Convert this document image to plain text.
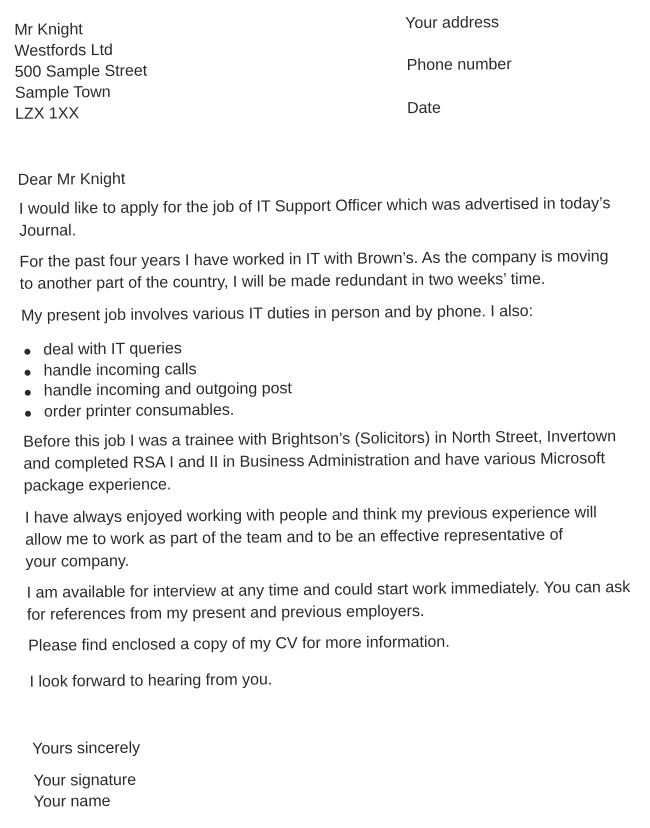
Mr Knight
Westfords Ltd
500 Sample Street
Sample Town
LZX 1XX
Your address
Phone number
Date
Dear Mr Knight
I would like to apply for the job of IT Support Officer which was advertised in today’s
Journal.
For the past four years I have worked in IT with Brown’s. As the company is moving
to another part of the country, I will be made redundant in two weeks’ time.
My present job involves various IT duties in person and by phone. I also:
deal with IT queries
handle incoming calls
handle incoming and outgoing post
order printer consumables.
Before this job I was a trainee with Brightson’s (Solicitors) in North Street, Invertown
and completed RSA I and II in Business Administration and have various Microsoft
package experience.
I have always enjoyed working with people and think my previous experience will
allow me to work as part of the team and to be an effective representative of
your company.
I am available for interview at any time and could start work immediately. You can ask
for references from my present and previous employers.
Please find enclosed a copy of my CV for more information.
I look forward to hearing from you.
Yours sincerely
Your signature
Your name
